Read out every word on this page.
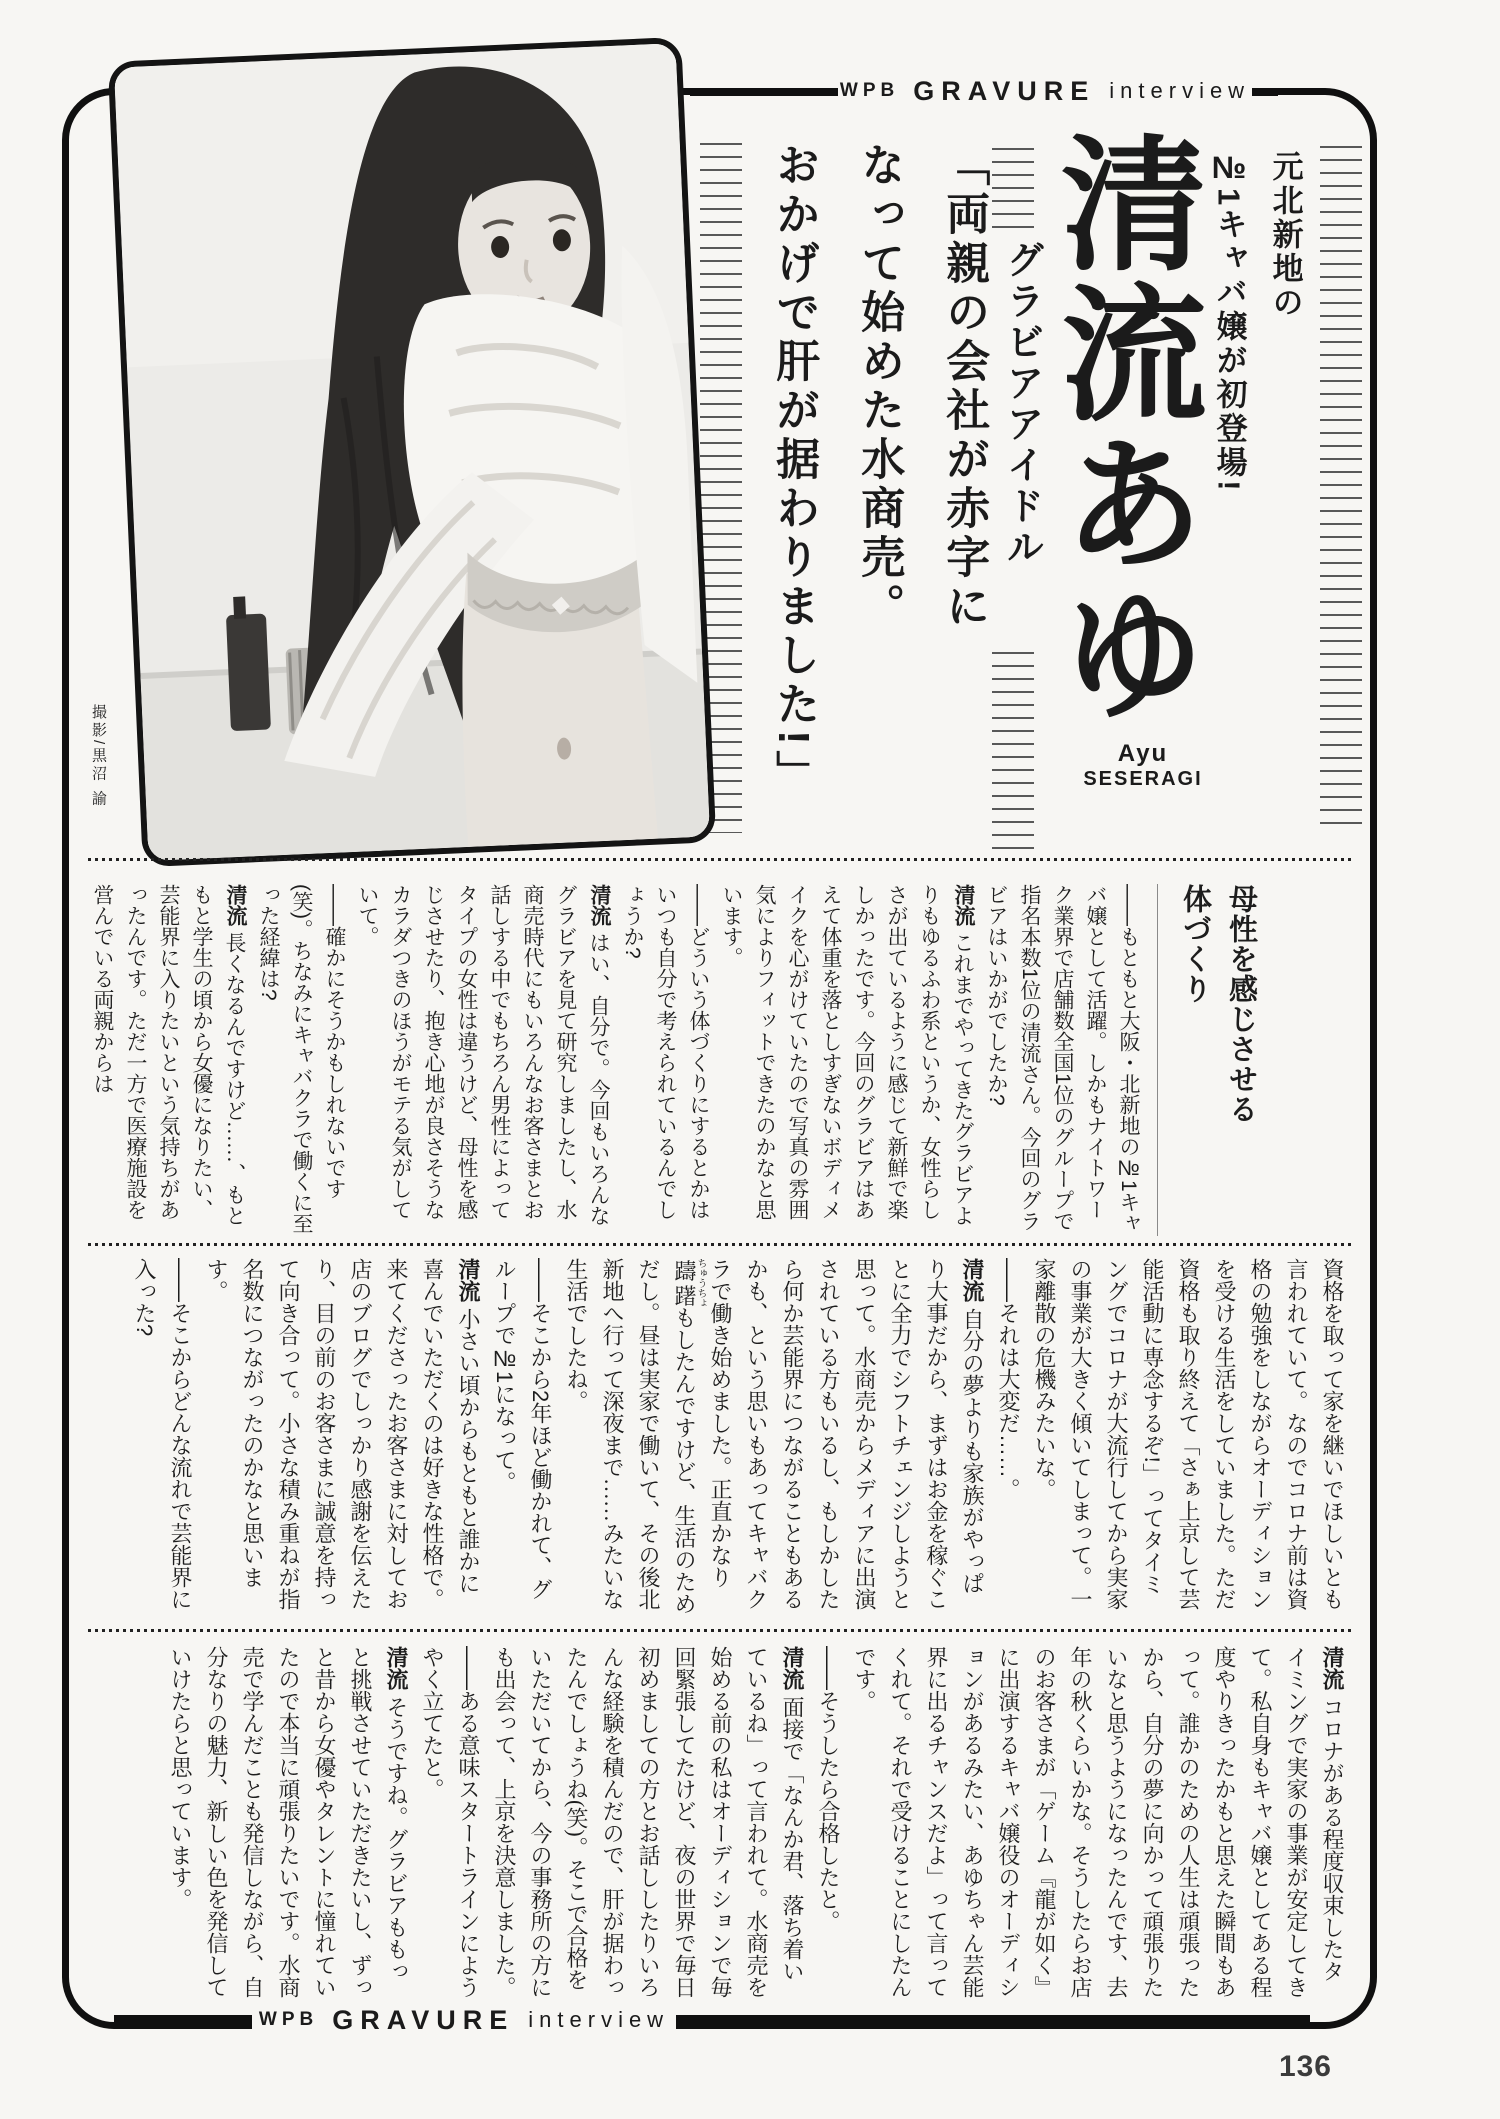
WPB GRAVURE interview
元北新地の
№1キャバ嬢が初登場!
清流あゆ
Ayu
SESERAGI
グラビアアイドル
「両親の会社が赤字に
なって始めた水商売。
おかげで肝が据わりました!」
撮影/黒沼 諭
母性を感じさせる
体づくり

——もともと大阪・北新地の№1キャバ嬢として活躍。しかもナイトワーク業界で店舗数全国1位のグループで指名本数1位の清流さん。今回のグラビアはいかがでしたか?

清流 これまでやってきたグラビアよりもゆるふわ系というか、女性らしさが出ているように感じて新鮮で楽しかったです。今回のグラビアはあえて体重を落としすぎないボディメイクを心がけていたので写真の雰囲気によりフィットできたのかなと思います。

——どういう体づくりにするとかはいつも自分で考えられているんでしょうか?

清流 はい、自分で。今回もいろんなグラビアを見て研究しましたし、水商売時代にもいろんなお客さまとお話しする中でもちろん男性によってタイプの女性は違うけど、母性を感じさせたり、抱き心地が良さそうなカラダつきのほうがモテる気がしていて。

——確かにそうかもしれないです(笑)。ちなみにキャバクラで働くに至った経緯は?

清流 長くなるんですけど……、もともと学生の頃から女優になりたい、芸能界に入りたいという気持ちがあったんです。ただ一方で医療施設を営んでいる両親からは

資格を取って家を継いでほしいとも言われていて。なのでコロナ前は資格の勉強をしながらオーディションを受ける生活をしていました。ただ資格も取り終えて「さぁ上京して芸能活動に専念するぞ!」ってタイミングでコロナが大流行してから実家の事業が大きく傾いてしまって。一家離散の危機みたいな。

——それは大変だ……。

清流 自分の夢よりも家族がやっぱり大事だから、まずはお金を稼ぐことに全力でシフトチェンジしようと思って。水商売からメディアに出演されている方もいるし、もしかしたら何か芸能界につながることもあるかも、という思いもあってキャバクラで働き始めました。正直かなり躊躇ちゅうちょもしたんですけど、生活のためだし。昼は実家で働いて、その後北新地へ行って深夜まで……みたいな生活でしたね。

——そこから2年ほど働かれて、グループで№1になって。

清流 小さい頃からもともと誰かに喜んでいただくのは好きな性格で。来てくださったお客さまに対してお店のブログでしっかり感謝を伝えたり、目の前のお客さまに誠意を持って向き合って。小さな積み重ねが指名数につながったのかなと思います。

——そこからどんな流れで芸能界に入った?

清流 コロナがある程度収束したタイミングで実家の事業が安定してきて。私自身もキャバ嬢としてある程度やりきったかもと思えた瞬間もあって。誰かのための人生は頑張ったから、自分の夢に向かって頑張りたいなと思うようになったんです、去年の秋くらいかな。そうしたらお店のお客さまが「ゲーム『龍が如く』に出演するキャバ嬢役のオーディションがあるみたい、あゆちゃん芸能界に出るチャンスだよ」って言ってくれて。それで受けることにしたんです。

——そうしたら合格したと。

清流 面接で「なんか君、落ち着いているね」って言われて。水商売を始める前の私はオーディションで毎回緊張してたけど、夜の世界で毎日初めましての方とお話ししたりいろんな経験を積んだので、肝が据わったんでしょうね(笑)。そこで合格をいただいてから、今の事務所の方にも出会って、上京を決意しました。

——ある意味スタートラインにようやく立てたと。

清流 そうですね。グラビアももっと挑戦させていただきたいし、ずっと昔から女優やタレントに憧れていたので本当に頑張りたいです。水商売で学んだことも発信しながら、自分なりの魅力、新しい色を発信していけたらと思っています。

WPB GRAVURE interview
136
